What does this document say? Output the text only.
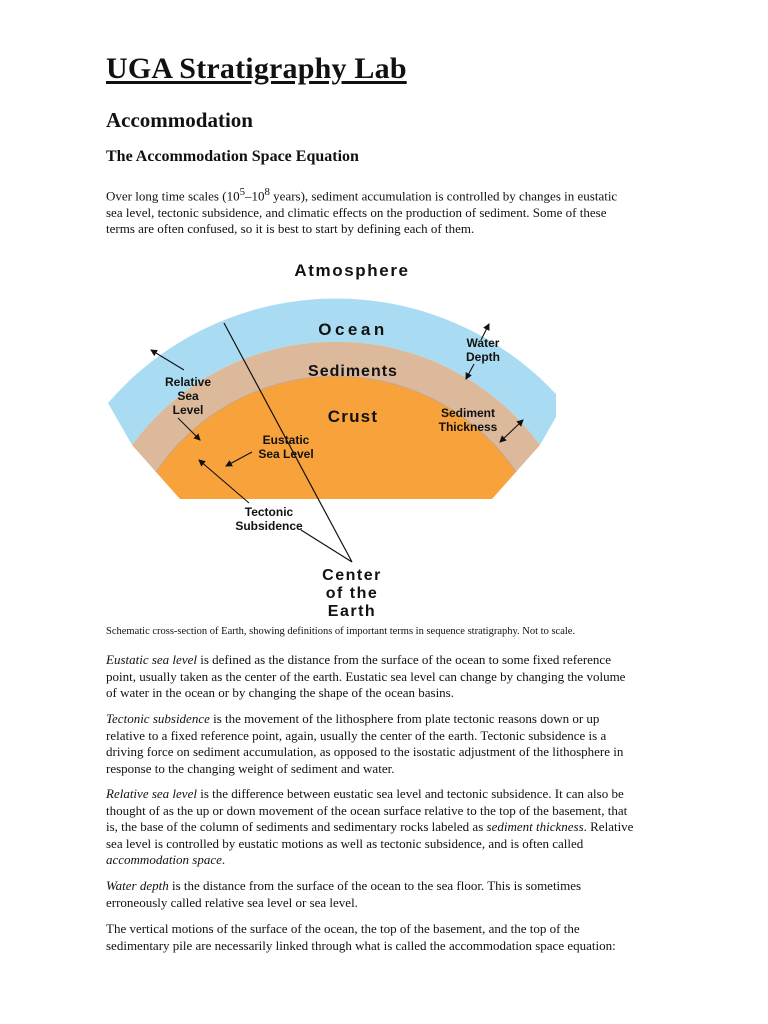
UGA Stratigraphy Lab
Accommodation
The Accommodation Space Equation

Over long time scales ($10^5-10^8$ years), sediment accumulation is controlled by changes in eustatic sea level, tectonic subsidence, and climatic effects on the production of sediment. Some of these terms are often confused, so it is best to start by defining each of them.

Schematic cross-section of Earth, showing definitions of important terms in sequence stratigraphy. Not to scale.

Eustatic sea level is defined as the distance from the surface of the ocean to some fixed reference point, usually taken as the center of the earth. Eustatic sea level can change by changing the volume of water in the ocean or by changing the shape of the ocean basins.

Tectonic subsidence is the movement of the lithosphere from plate tectonic reasons down or up relative to a fixed reference point, again, usually the center of the earth. Tectonic subsidence is a driving force on sediment accumulation, as opposed to the isostatic adjustment of the lithosphere in response to the changing weight of sediment and water.

Relative sea level is the difference between eustatic sea level and tectonic subsidence. It can also be thought of as the up or down movement of the ocean surface relative to the top of the basement, that is, the base of the column of sediments and sedimentary rocks labeled as sediment thickness. Relative sea level is controlled by eustatic motions as well as tectonic subsidence, and is often called accommodation space.

Water depth is the distance from the surface of the ocean to the sea floor. This is sometimes erroneously called relative sea level or sea level.

The vertical motions of the surface of the ocean, the top of the basement, and the top of the sedimentary pile are necessarily linked through what is called the accommodation space equation:

Atmosphere
Ocean
Sediments
Crust
Water
Depth
Relative
Sea
Level	Sediment
Thickness
Eustatic
Sea Level
Tectonic
Subsidence
Center
of the
Earth
